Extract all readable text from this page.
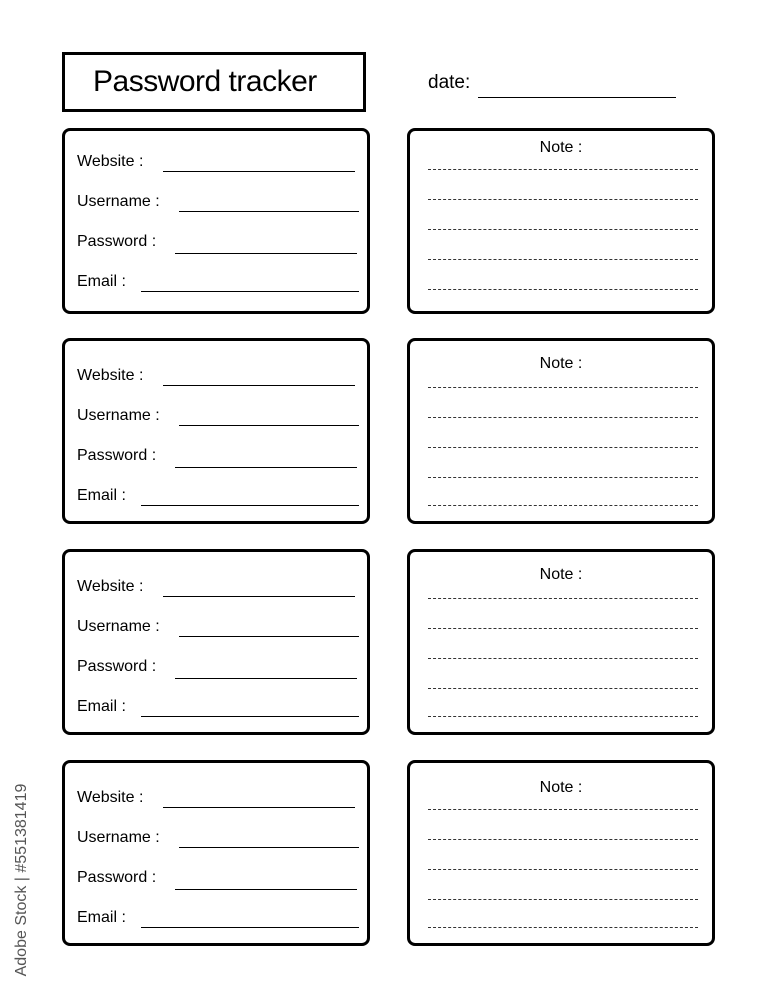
Password tracker	date:
Website :
Username :
Password :
Email :
Website :
Username :
Password :
Email :
Website :
Username :
Password :
Email :
Website :
Username :
Password :
Email :
Note :
Note :
Note :
Note :
Adobe Stock | #551381419
